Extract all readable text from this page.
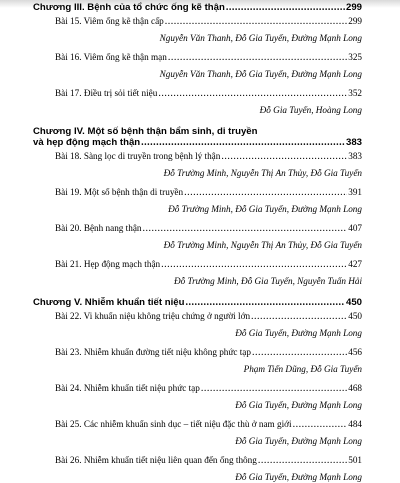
Chương III. Bệnh của tổ chức ống kẽ thận .....	299
Bài 15. Viêm ống kẽ thận cấp .....	299
Nguyễn Văn Thanh, Đỗ Gia Tuyến, Đường Mạnh Long
Bài 16. Viêm ống kẽ thận mạn .....	325
Nguyễn Văn Thanh, Đỗ Gia Tuyến, Đường Mạnh Long
Bài 17. Điều trị sỏi tiết niệu .....	352
Đỗ Gia Tuyến, Hoàng Long
Chương IV. Một số bệnh thận bẩm sinh, di truyền
và hẹp động mạch thận .....	383
Bài 18. Sàng lọc di truyền trong bệnh lý thận .....	383
Đỗ Trường Minh, Nguyễn Thị An Thủy, Đỗ Gia Tuyến
Bài 19. Một số bệnh thận di truyền .....	391
Đỗ Trường Minh, Đỗ Gia Tuyến, Đường Mạnh Long
Bài 20. Bệnh nang thận .....	407
Đỗ Trường Minh, Nguyễn Thị An Thủy, Đỗ Gia Tuyến
Bài 21. Hẹp động mạch thận .....	427
Đỗ Trường Minh, Đỗ Gia Tuyến, Nguyễn Tuấn Hải
Chương V. Nhiễm khuẩn tiết niệu .....	450
Bài 22. Vi khuẩn niệu không triệu chứng ở người lớn .....	450
Đỗ Gia Tuyến, Đường Mạnh Long
Bài 23. Nhiễm khuẩn đường tiết niệu không phức tạp .....	456
Phạm Tiến Dũng, Đỗ Gia Tuyến
Bài 24. Nhiễm khuẩn tiết niệu phức tạp .....	468
Đỗ Gia Tuyến, Đường Mạnh Long
Bài 25. Các nhiễm khuẩn sinh dục – tiết niệu đặc thù ở nam giới .....	484
Đỗ Gia Tuyến, Đường Mạnh Long
Bài 26. Nhiễm khuẩn tiết niệu liên quan đến ống thông .....	501
Đỗ Gia Tuyến, Đường Mạnh Long
